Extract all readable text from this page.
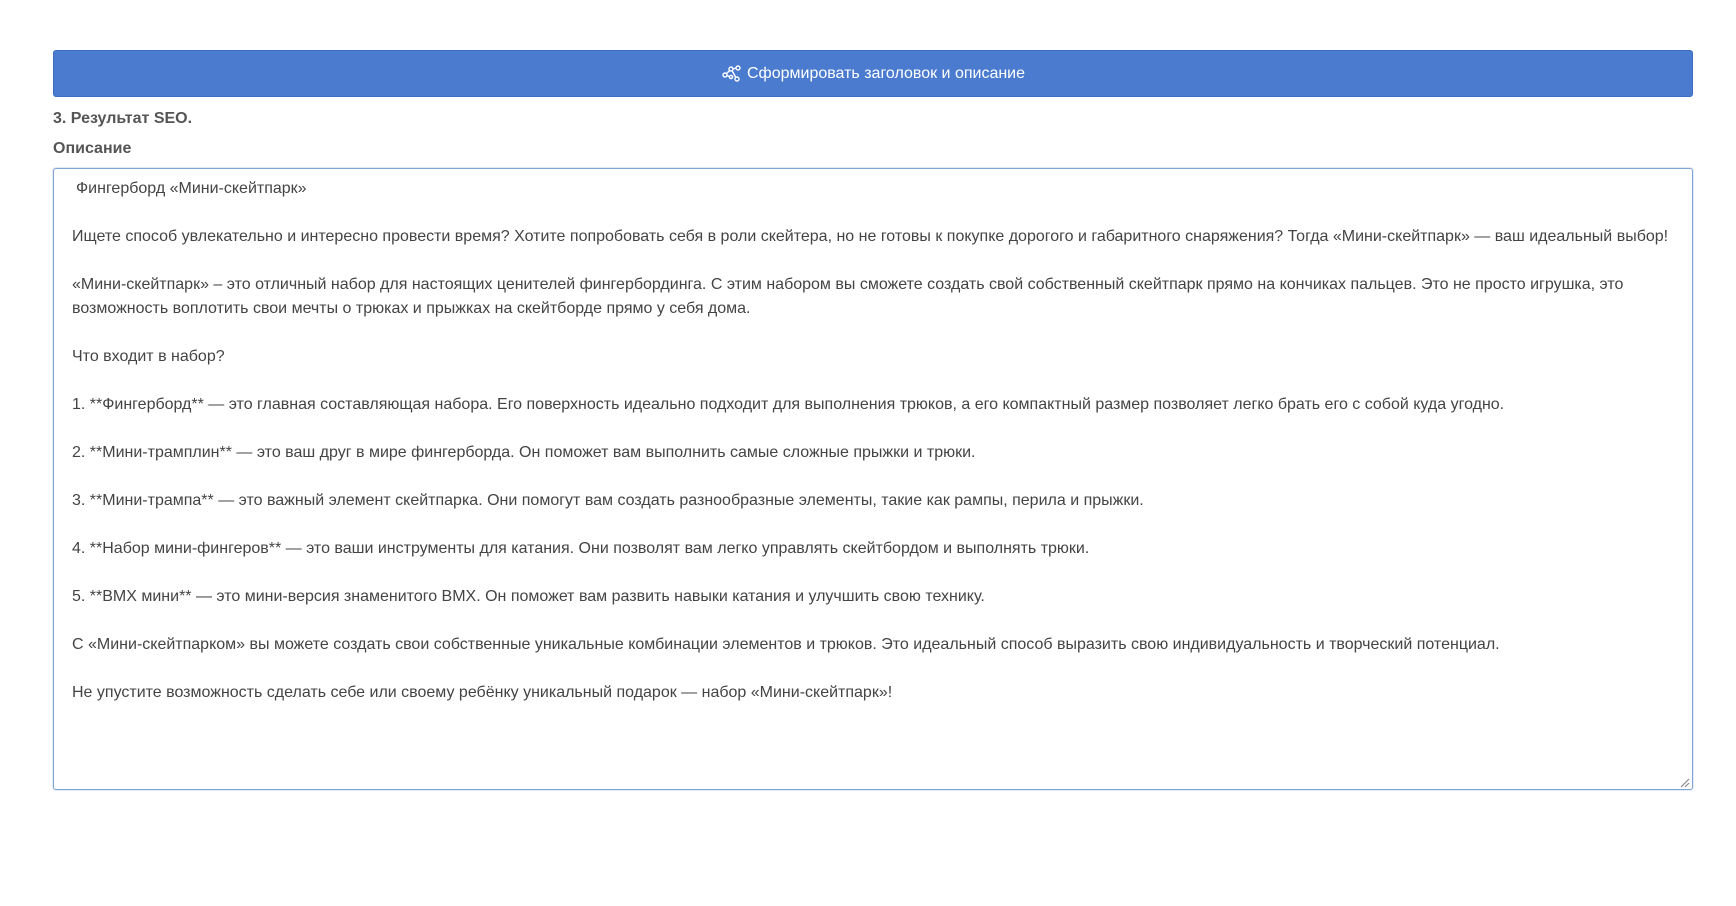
Сформировать заголовок и описание
3. Результат SEO.
Описание

Фингерборд «Мини-скейтпарк»

Ищете способ увлекательно и интересно провести время? Хотите попробовать себя в роли скейтера, но не готовы к покупке дорогого и габаритного снаряжения? Тогда «Мини-скейтпарк» — ваш идеальный выбор!

«Мини-скейтпарк» – это отличный набор для настоящих ценителей фингербординга. С этим набором вы сможете создать свой собственный скейтпарк прямо на кончиках пальцев. Это не просто игрушка, это возможность воплотить свои мечты о трюках и прыжках на скейтборде прямо у себя дома.

Что входит в набор?

1. **Фингерборд** — это главная составляющая набора. Его поверхность идеально подходит для выполнения трюков, а его компактный размер позволяет легко брать его с собой куда угодно.

2. **Мини-трамплин** — это ваш друг в мире фингерборда. Он поможет вам выполнить самые сложные прыжки и трюки.

3. **Мини-трампа** — это важный элемент скейтпарка. Они помогут вам создать разнообразные элементы, такие как рампы, перила и прыжки.

4. **Набор мини-фингеров** — это ваши инструменты для катания. Они позволят вам легко управлять скейтбордом и выполнять трюки.

5. **BMX мини** — это мини-версия знаменитого BMX. Он поможет вам развить навыки катания и улучшить свою технику.

С «Мини-скейтпарком» вы можете создать свои собственные уникальные комбинации элементов и трюков. Это идеальный способ выразить свою индивидуальность и творческий потенциал.

Не упустите возможность сделать себе или своему ребёнку уникальный подарок — набор «Мини-скейтпарк»!
